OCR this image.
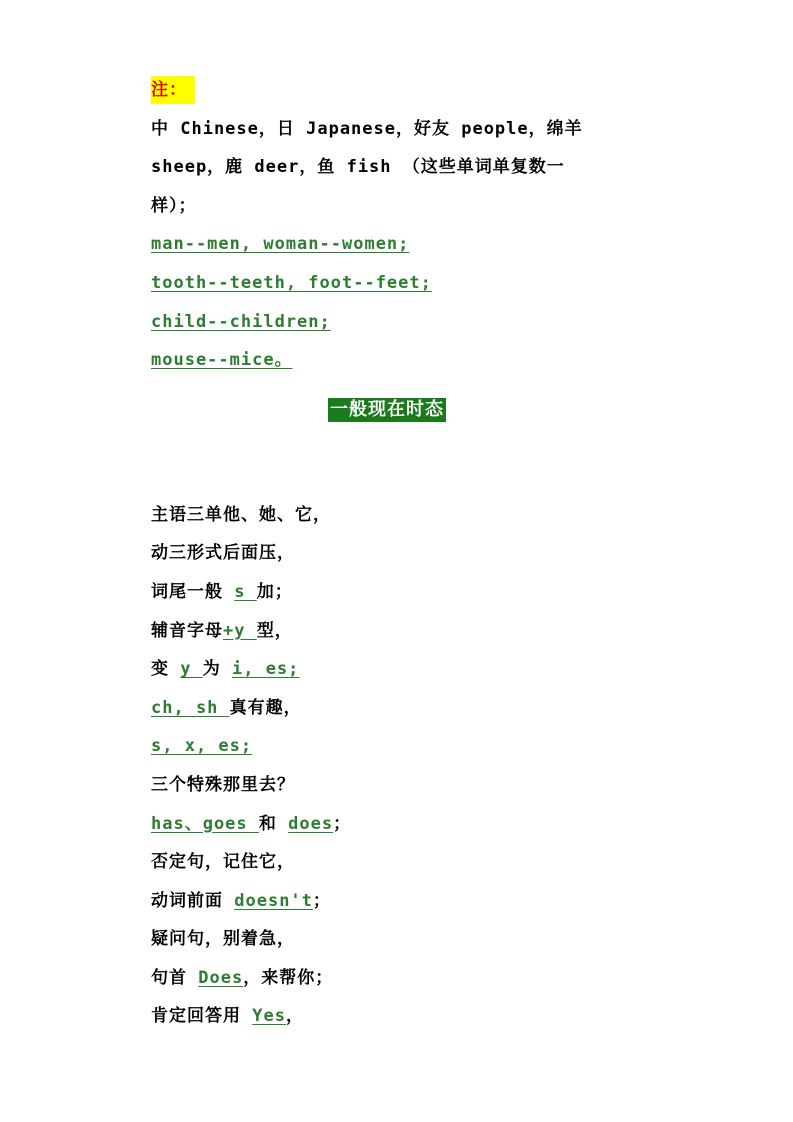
注：
中 Chinese，日 Japanese，好友 people，绵羊
sheep，鹿 deer，鱼 fish （这些单词单复数一
样）；
man--men, woman--women;
tooth--teeth, foot--feet;
child--children;
mouse--mice。
一般现在时态
主语三单他、她、它，
动三形式后面压，
词尾一般 s 加；
辅音字母+y 型，
变 y 为 i, es;
ch, sh 真有趣，
s, x, es;
三个特殊那里去？
has、goes 和 does；
否定句，记住它，
动词前面 doesn't；
疑问句，别着急，
句首 Does，来帮你；
肯定回答用 Yes，
